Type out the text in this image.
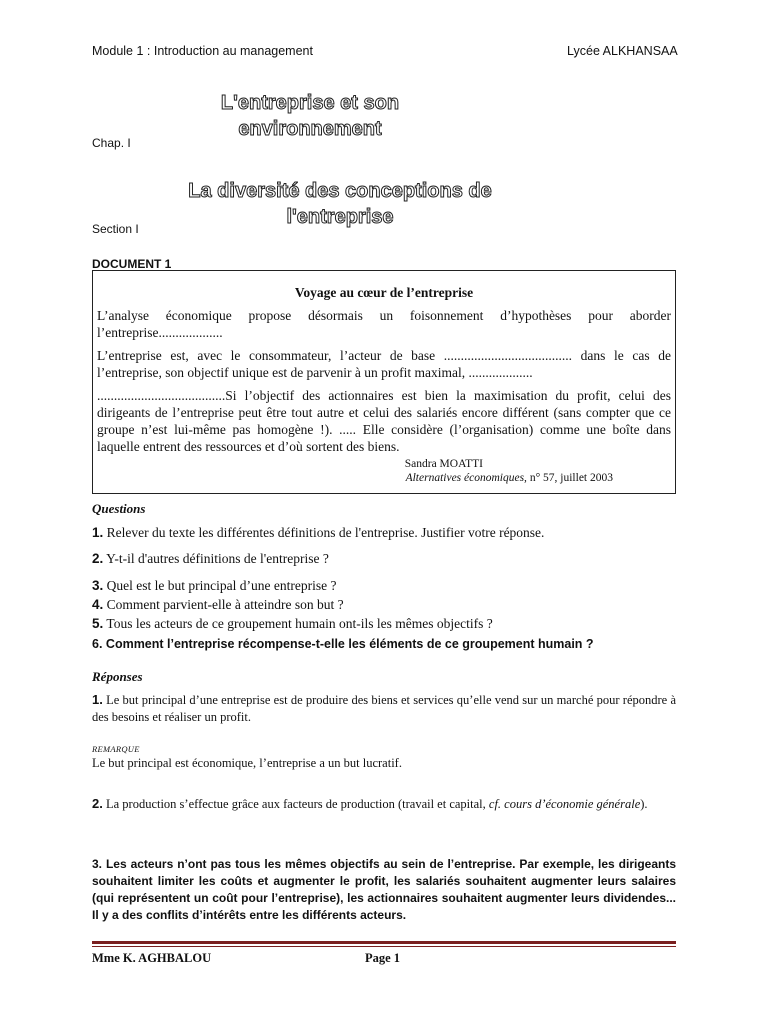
Module 1 : Introduction au management	Lycée ALKHANSAA
L'entreprise et son
environnement
Chap. I
La diversité des conceptions de
l'entreprise
Section I
DOCUMENT 1
Voyage au cœur de l’entreprise

L’analyse économique propose désormais un foisonnement d’hypothèses pour aborder l’entreprise...................

L’entreprise est, avec le consommateur, l’acteur de base ...................................... dans le cas de l’entreprise, son objectif unique est de parvenir à un profit maximal, ...................

......................................Si l’objectif des actionnaires est bien la maximisation du profit, celui des dirigeants de l’entreprise peut être tout autre et celui des salariés encore différent (sans compter que ce groupe n’est lui-même pas homogène !). ..... Elle considère (l’organisation) comme une boîte dans laquelle entrent des ressources et d’où sortent des biens.

Sandra MOATTI
Alternatives économiques, n° 57, juillet 2003
Questions
1. Relever du texte les différentes définitions de l'entreprise. Justifier votre réponse.
2. Y-t-il d'autres définitions de l'entreprise ?
3. Quel est le but principal d’une entreprise ?
4. Comment parvient-elle à atteindre son but ?
5. Tous les acteurs de ce groupement humain ont-ils les mêmes objectifs ?
6. Comment l’entreprise récompense-t-elle les éléments de ce groupement humain ?
Réponses
1. Le but principal d’une entreprise est de produire des biens et services qu’elle vend sur un marché pour répondre à des besoins et réaliser un profit.
REMARQUE
Le but principal est économique, l’entreprise a un but lucratif.
2. La production s’effectue grâce aux facteurs de production (travail et capital, cf. cours d’économie générale).
3. Les acteurs n’ont pas tous les mêmes objectifs au sein de l’entreprise. Par exemple, les dirigeants souhaitent limiter les coûts et augmenter le profit, les salariés souhaitent augmenter leurs salaires (qui représentent un coût pour l’entreprise), les actionnaires souhaitent augmenter leurs dividendes... Il y a des conflits d’intérêts entre les différents acteurs.
Mme K. AGHBALOU	Page 1
